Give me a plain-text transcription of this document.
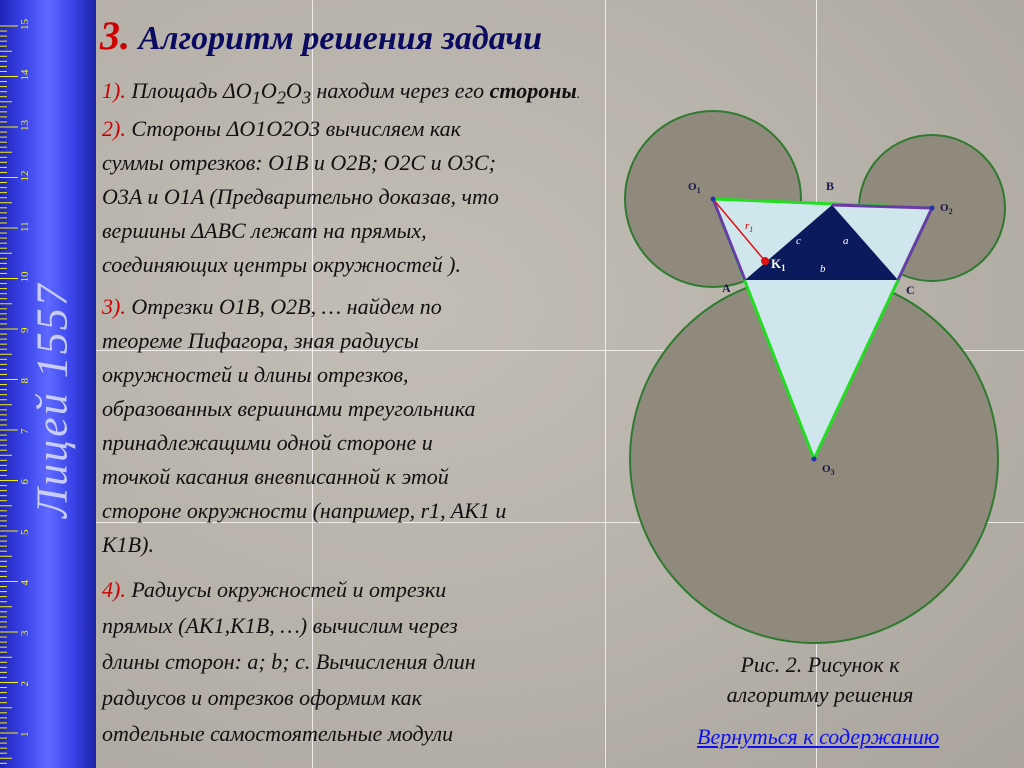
15
14
13
12
11
10
9
8
7
6
5
4
3
2
1
Лицей 1557
3. Алгоритм решения задачи
1). Площадь $\Delta O_1O_2O_3$ находим через его стороны.
2). Стороны ΔO1O2O3 вычисляем как
суммы отрезков: O1B и O2B; O2C и O3C;
O3A и O1A (Предварительно доказав, что
вершины ΔABC лежат на прямых,
соединяющих центры окружностей ).
3). Отрезки O1B, O2B, … найдем по
теореме Пифагора, зная радиусы
окружностей и длины отрезков,
образованных вершинами треугольника
принадлежащими одной стороне и
точкой касания вневписанной к этой
стороне окружности (например, r1, AK1 и
K1B).
4). Радиусы окружностей и отрезки
прямых (AK1,K1B, …) вычислим через
длины сторон: a; b; c. Вычисления длин
радиусов и отрезков оформим как
отдельные самостоятельные модули
$O_1$
$O_2$
$O_3$
B
A	C
c	a
b
$r_1$
$K_1$
Рис. 2. Рисунок к алгоритму решения
Вернуться к содержанию
